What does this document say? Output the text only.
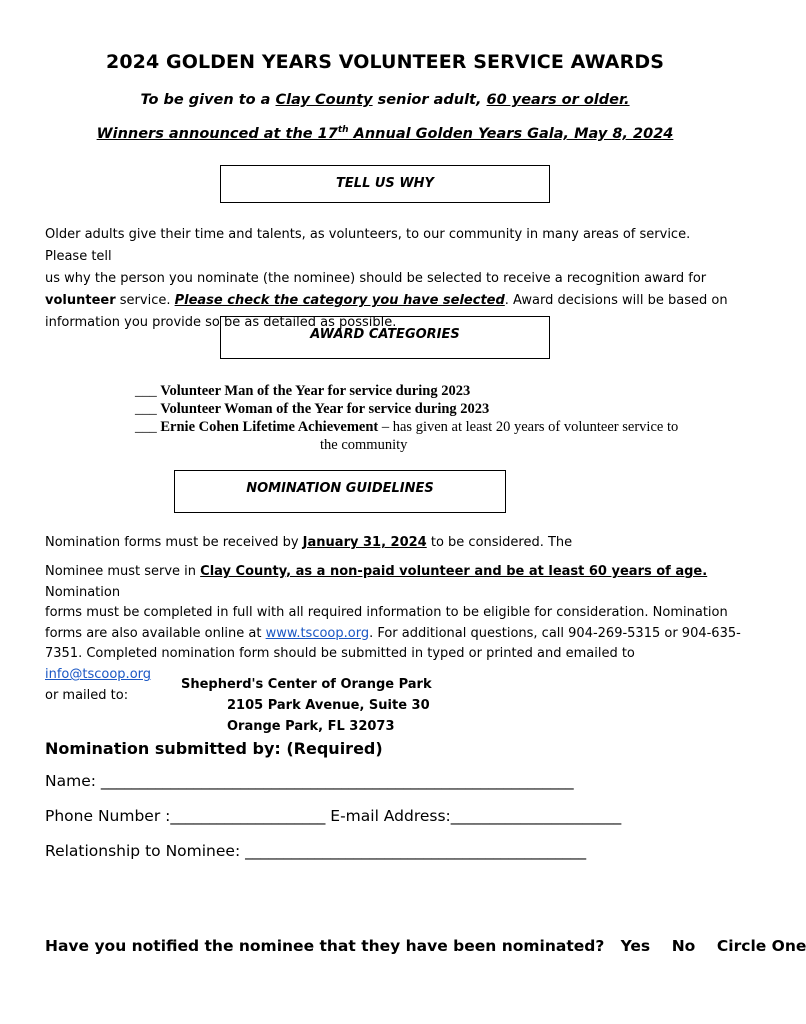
2024 GOLDEN YEARS VOLUNTEER SERVICE AWARDS
To be given to a Clay County senior adult, 60 years or older.
Winners announced at the 17th Annual Golden Years Gala, May 8, 2024
TELL US WHY
Older adults give their time and talents, as volunteers, to our community in many areas of service. Please tell
us why the person you nominate (the nominee) should be selected to receive a recognition award for
volunteer service. Please check the category you have selected. Award decisions will be based on
information you provide so be as detailed as possible.
AWARD CATEGORIES
___ Volunteer Man of the Year for service during 2023
___ Volunteer Woman of the Year for service during 2023
___ Ernie Cohen Lifetime Achievement – has given at least 20 years of volunteer service to
the community
NOMINATION GUIDELINES
Nomination forms must be received by January 31, 2024 to be considered. The
Nominee must serve in Clay County, as a non-paid volunteer and be at least 60 years of age. Nomination
forms must be completed in full with all required information to be eligible for consideration. Nomination
forms are also available online at www.tscoop.org. For additional questions, call 904-269-5315 or 904-635-
7351. Completed nomination form should be submitted in typed or printed and emailed to info@tscoop.org
or mailed to:
Shepherd's Center of Orange Park
2105 Park Avenue, Suite 30
Orange Park, FL 32073
Nomination submitted by: (Required)
Name: _____________________________________________________________
Phone Number :____________________ E-mail Address:______________________
Relationship to Nominee: ____________________________________________
Have you notified the nominee that they have been nominated? Yes No Circle One
